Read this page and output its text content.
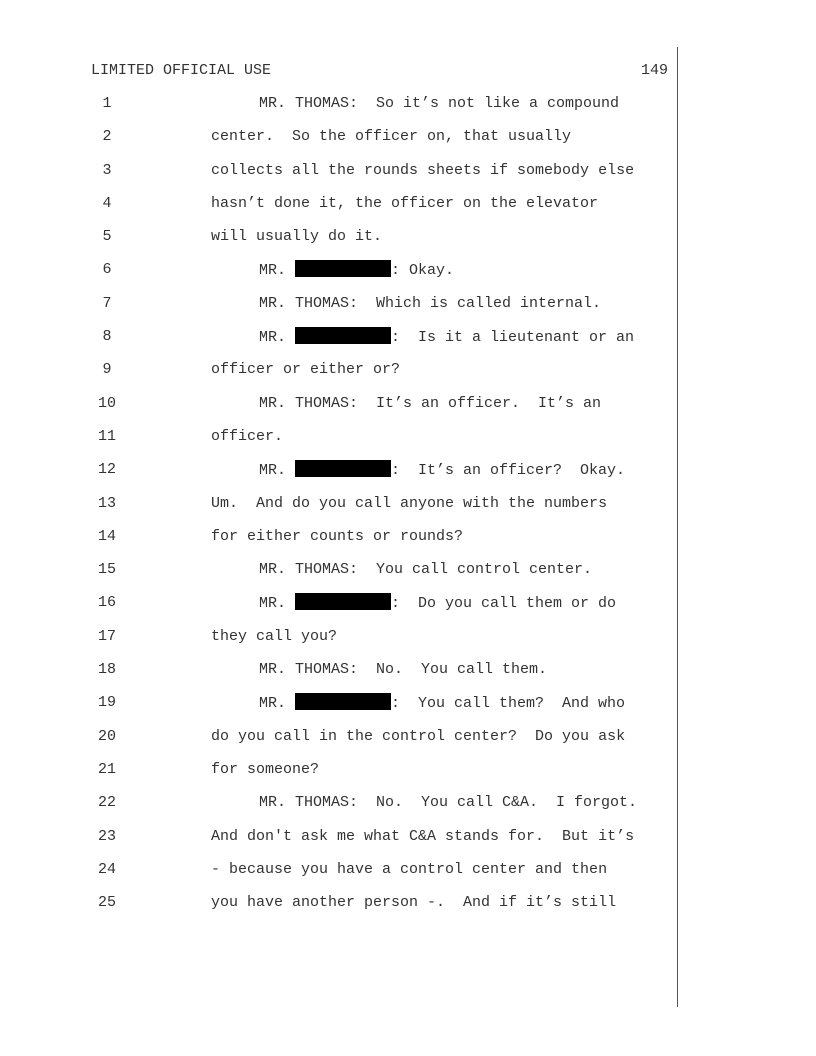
LIMITED OFFICIAL USE	149
1	MR. THOMAS:  So it’s not like a compound
2	center.  So the officer on, that usually
3	collects all the rounds sheets if somebody else
4	hasn’t done it, the officer on the elevator
5	will usually do it.
6	MR.	: Okay.
7	MR. THOMAS:  Which is called internal.
8	MR.	:  Is it a lieutenant or an
9	officer or either or?
10	MR. THOMAS:  It’s an officer.  It’s an
11	officer.
12	MR.	:  It’s an officer?  Okay.
13	Um.  And do you call anyone with the numbers
14	for either counts or rounds?
15	MR. THOMAS:  You call control center.
16	MR.	:  Do you call them or do
17	they call you?
18	MR. THOMAS:  No.  You call them.
19	MR.	:  You call them?  And who
20	do you call in the control center?  Do you ask
21	for someone?
22	MR. THOMAS:  No.  You call C&A.  I forgot.
23	And don't ask me what C&A stands for.  But it’s
24	- because you have a control center and then
25	you have another person -.  And if it’s still
